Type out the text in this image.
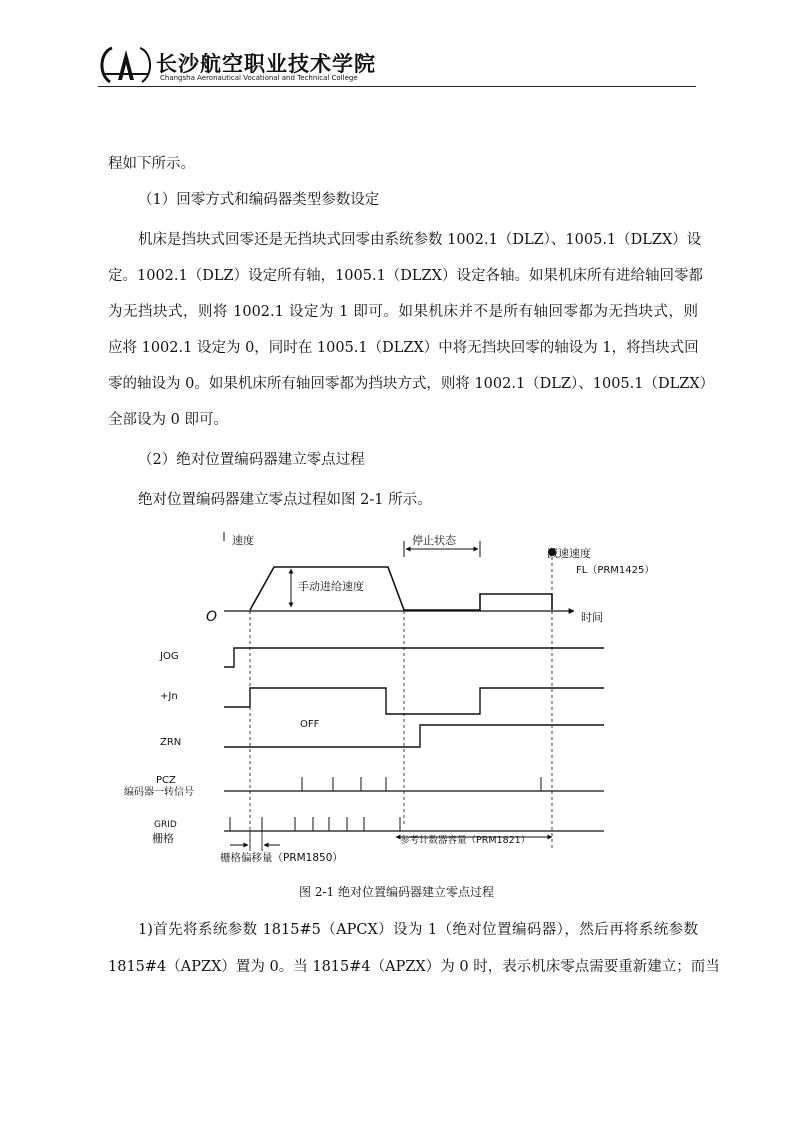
长沙航空职业技术学院
Changsha Aeronautical Vocational and Technical College
程如下所示。
（1）回零方式和编码器类型参数设定
机床是挡块式回零还是无挡块式回零由系统参数 1002.1（DLZ）、1005.1（DLZX）设
定。1002.1（DLZ）设定所有轴，1005.1（DLZX）设定各轴。如果机床所有进给轴回零都
为无挡块式，则将 1002.1 设定为 1 即可。如果机床并不是所有轴回零都为无挡块式，则
应将 1002.1 设定为 0，同时在 1005.1（DLZX）中将无挡块回零的轴设为 1，将挡块式回
零的轴设为 0。如果机床所有轴回零都为挡块方式，则将 1002.1（DLZ）、1005.1（DLZX）
全部设为 0 即可。
（2）绝对位置编码器建立零点过程
绝对位置编码器建立零点过程如图 2-1 所示。
速度	停止状态
减速速度
FL（PRM1425）
手动进给速度
O	时间
JOG
+Jn
OFF
ZRN
PCZ
编码器一转信号
GRID
栅格	参考计数器容量（PRM1821）
栅格偏移量（PRM1850）
图 2-1 绝对位置编码器建立零点过程
1)首先将系统参数 1815#5（APCX）设为 1（绝对位置编码器），然后再将系统参数
1815#4（APZX）置为 0。当 1815#4（APZX）为 0 时，表示机床零点需要重新建立；而当
